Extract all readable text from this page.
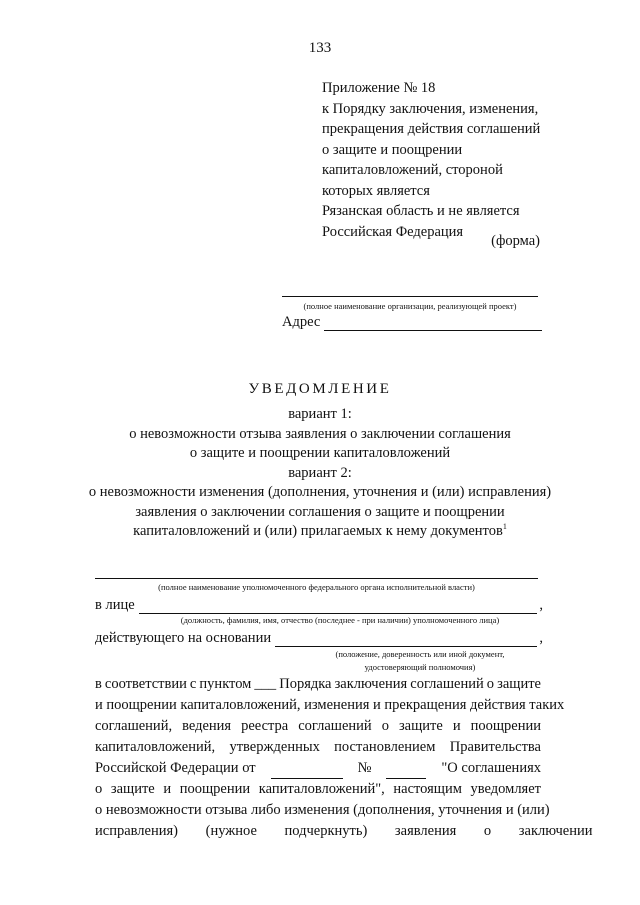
133
Приложение № 18
к Порядку заключения, изменения,
прекращения действия соглашений
о защите и поощрении
капиталовложений, стороной
которых является
Рязанская область и не является
Российская Федерация
(форма)
(полное наименование организации, реализующей проект)
Адрес
УВЕДОМЛЕНИЕ
вариант 1:
о невозможности отзыва заявления о заключении соглашения
о защите и поощрении капиталовложений
вариант 2:
о невозможности изменения (дополнения, уточнения и (или) исправления)
заявления о заключении соглашения о защите и поощрении
капиталовложений и (или) прилагаемых к нему документов$^1$
(полное наименование уполномоченного федерального органа исполнительной власти)
в лице	,
(должность, фамилия, имя, отчество (последнее - при наличии) уполномоченного лица)
действующего на основании	,
(положение, доверенность или иной документ,
удостоверяющий полномочия)
в соответствии с пунктом ___ Порядка заключения соглашений о защите
и поощрении капиталовложений, изменения и прекращения действия таких
соглашений, ведения реестра соглашений о защите и поощрении
капиталовложений, утвержденных постановлением Правительства
Российской Федерации от	№	"О соглашениях
о защите и поощрении капиталовложений", настоящим уведомляет
о невозможности отзыва либо изменения (дополнения, уточнения и (или)
исправления) (нужное подчеркнуть) заявления о заключении
